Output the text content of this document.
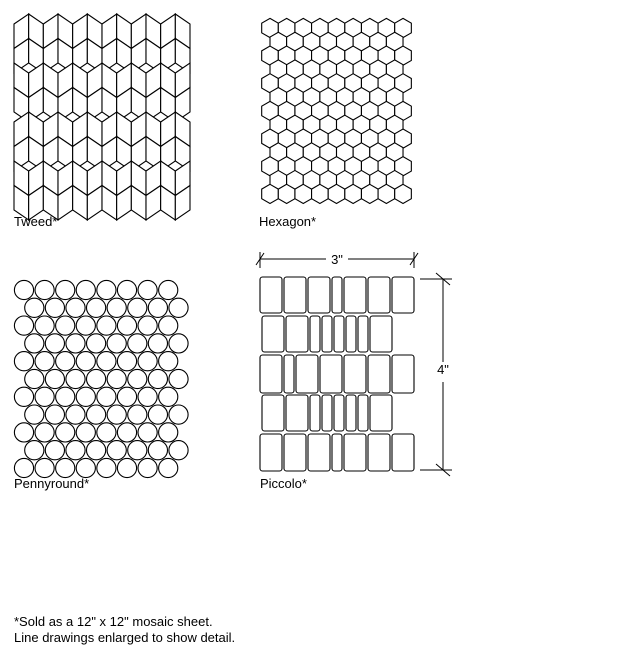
3"
4"
Tweed*	Hexagon*
Pennyround*	Piccolo*
*Sold as a 12" x 12" mosaic sheet.
Line drawings enlarged to show detail.
